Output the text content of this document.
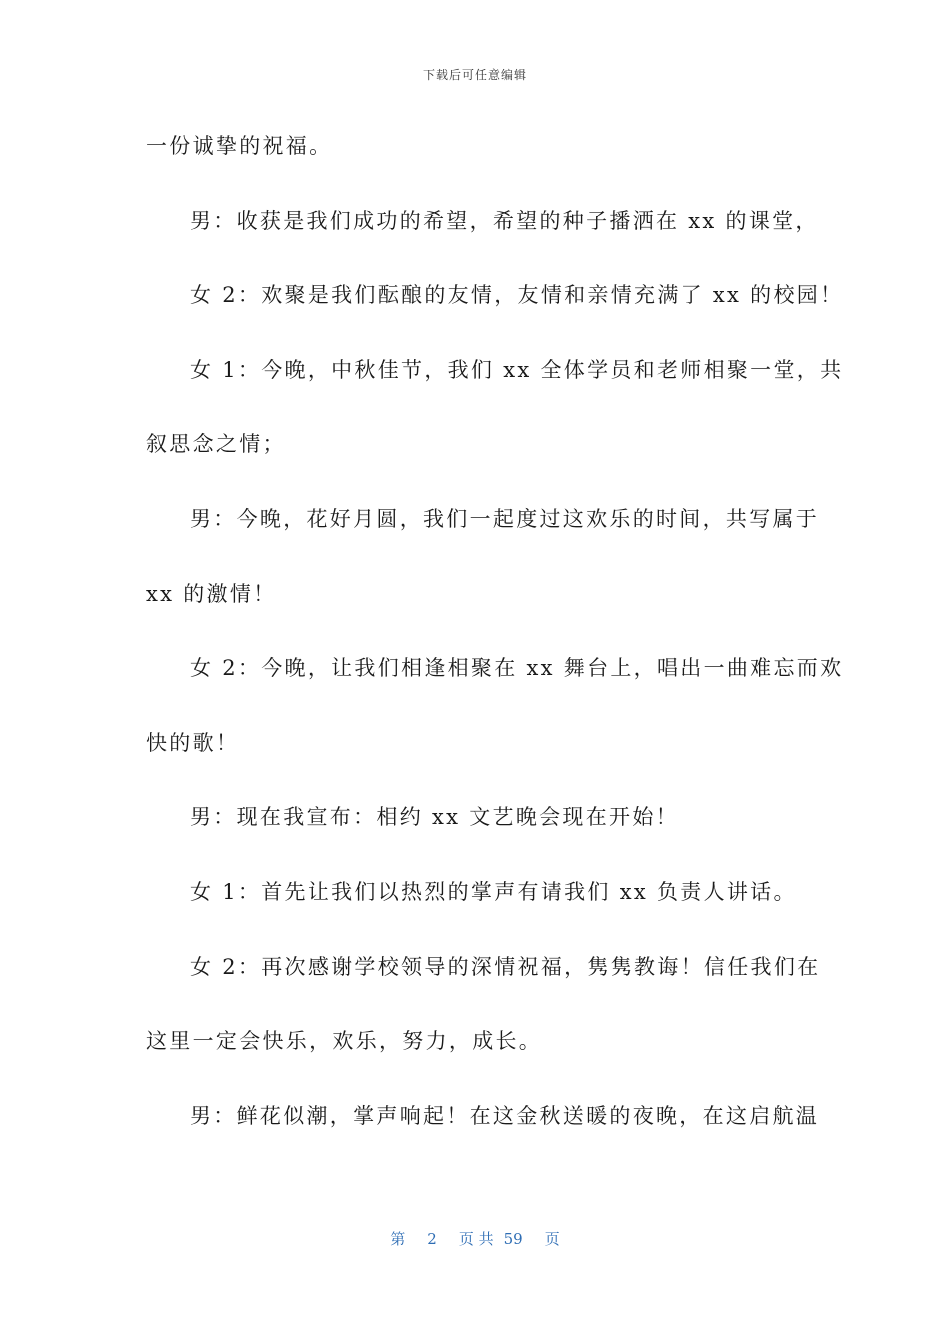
下载后可任意编辑
一份诚挚的祝福。
男：收获是我们成功的希望，希望的种子播洒在 xx 的课堂，
女 2：欢聚是我们酝酿的友情，友情和亲情充满了 xx 的校园！
女 1：今晚，中秋佳节，我们 xx 全体学员和老师相聚一堂，共
叙思念之情；
男：今晚，花好月圆，我们一起度过这欢乐的时间，共写属于
xx 的激情！
女 2：今晚，让我们相逢相聚在 xx 舞台上，唱出一曲难忘而欢
快的歌！
男：现在我宣布：相约 xx 文艺晚会现在开始！
女 1：首先让我们以热烈的掌声有请我们 xx 负责人讲话。
女 2：再次感谢学校领导的深情祝福，隽隽教诲！信任我们在
这里一定会快乐，欢乐，努力，成长。
男：鲜花似潮，掌声响起！在这金秋送暖的夜晚，在这启航温
第 2 页 共 59 页
